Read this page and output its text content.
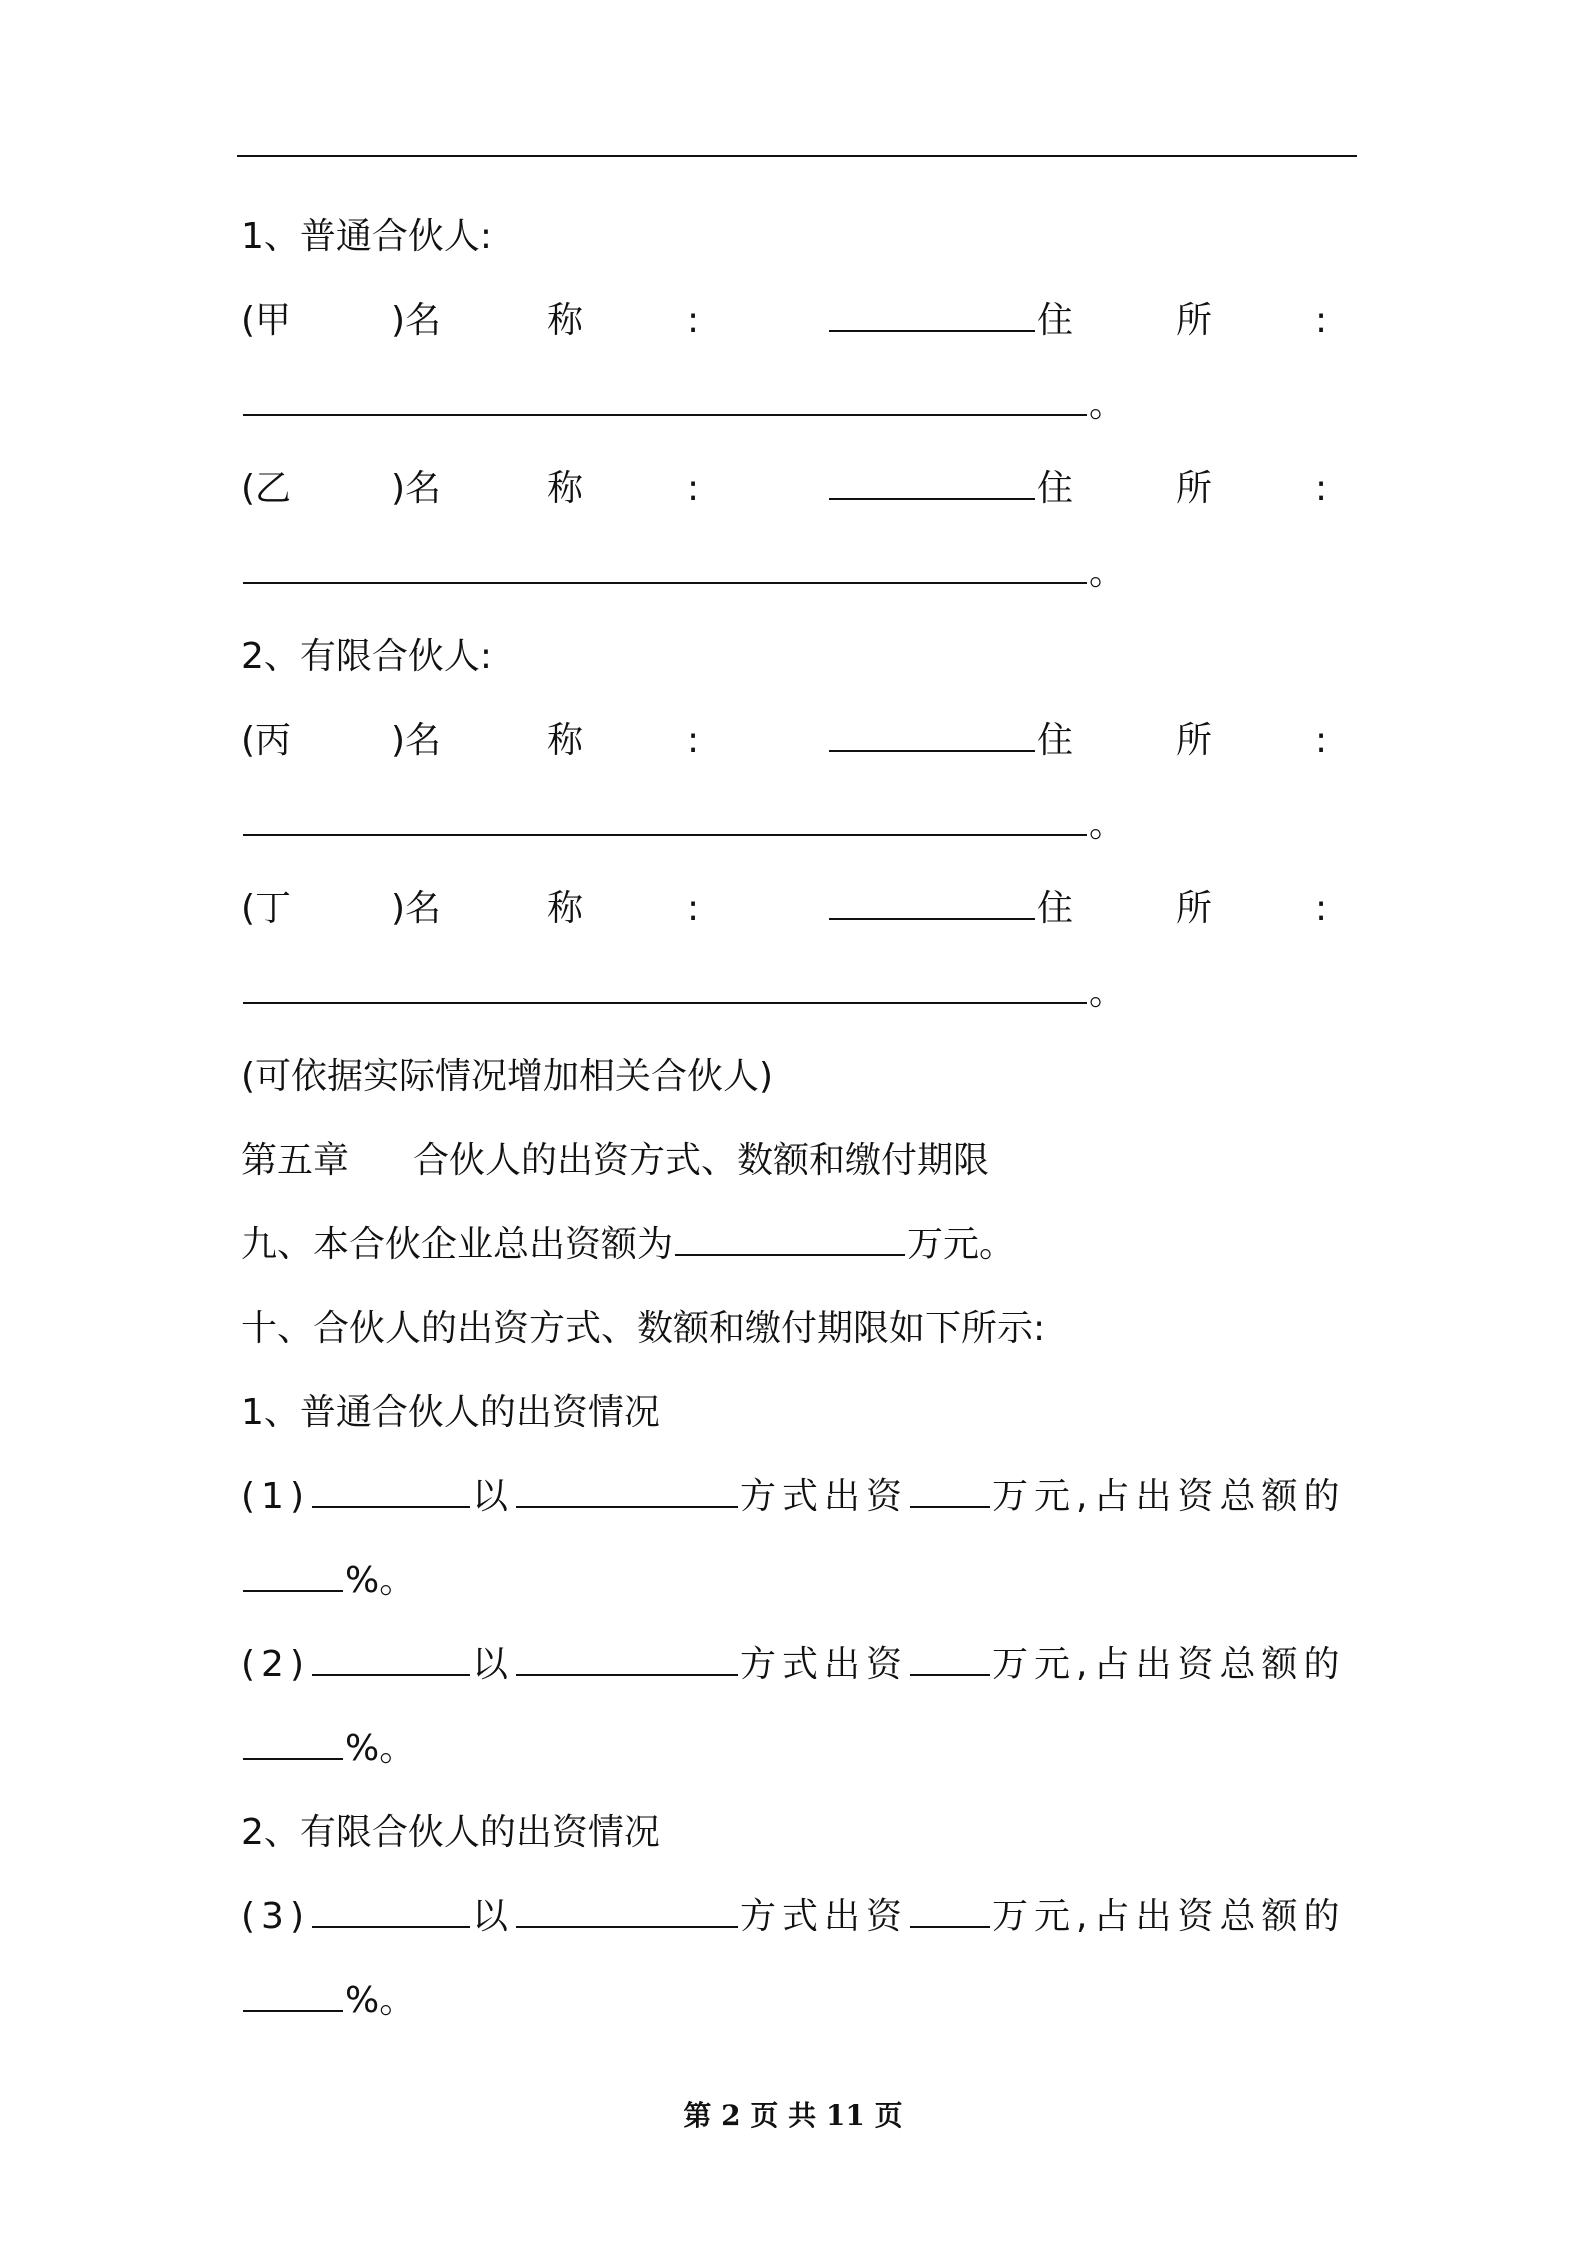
1、普通合伙人:
(甲	)名	称	:	住	所	:
。
(乙	)名	称	:	住	所	:
。
2、有限合伙人:
(丙	)名	称	:	住	所	:
。
(丁	)名	称	:	住	所	:
。
(可依据实际情况增加相关合伙人)
第五章 合伙人的出资方式、数额和缴付期限
九、本合伙企业总出资额为	万元。
十、合伙人的出资方式、数额和缴付期限如下所示:
1、普通合伙人的出资情况
(1)	以	方式出资 万元,占出资总额的
%。
(2)	以	方式出资 万元,占出资总额的
%。
2、有限合伙人的出资情况
(3)	以	方式出资 万元,占出资总额的
%。
第 2 页 共 11 页
